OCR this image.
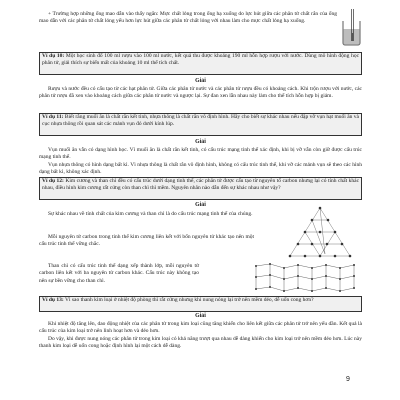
+ Trường hợp những ống mao dẫn vào thấy ngắn: Mực chất lỏng trong ống hạ xuống do lực hút giữa các phân tử chất rắn của ống mao dẫn với các phân tử chất lỏng yếu hơn lực hút giữa các phân tử chất lỏng với nhau làm cho mực chất lỏng hạ xuống.

Ví dụ 10: Một học sinh đổ 100 ml rượu vào 100 ml nước, kết quả thu được khoảng 190 ml hỗn hợp rượu với nước. Dùng mô hình động học phân tử, giải thích sự biến mất của khoảng 10 ml thể tích chất.
Giải

Rượu và nước đều có cấu tạo từ các hạt phân tử. Giữa các phân tử nước và các phân tử rượu đều có khoảng cách. Khi trộn rượu với nước, các phân tử rượu đã xen vào khoảng cách giữa các phân tử nước và ngược lại. Sự đan xen lẫn nhau này làm cho thể tích hỗn hợp bị giảm.

Ví dụ 11: Biết rằng muối ăn là chất rắn kết tinh, nhựa thông là chất rắn vô định hình. Hãy cho biết sự khác nhau nếu đập vỡ vụn hạt muối ăn và cục nhựa thông rồi quan sát các mảnh vụn đó dưới kính lúp.
Giải

Vụn muối ăn vẫn có dạng hình học. Vì muối ăn là chất rắn kết tinh, có cấu trúc mạng tinh thể xác định, khi bị vỡ vẫn còn giữ được cấu trúc mạng tinh thể.

Vụn nhựa thông có hình dạng bất kì. Vì nhựa thông là chất rắn vô định hình, không có cấu trúc tinh thể, khi vỡ các mảnh vụn sẽ theo các hình dạng bất kì, không xác định.

Ví dụ 12: Kim cương và than chì đều có cấu trúc dưới dạng tinh thể, các phân tử được cấu tạo từ nguyên tố carbon nhưng lại có tính chất khác nhau, điều hình kim cương rất cứng còn than chì thì mềm. Nguyên nhân nào dẫn đến sự khác nhau như vậy?
Giải

Sự khác nhau về tính chất của kim cương và than chì là do cấu trúc mạng tinh thể của chúng.

Mỗi nguyên tử carbon trong tinh thể kim cương liên kết với bốn nguyên tử khác tạo nên một cấu trúc tinh thể vững chắc.

Than chì có cấu trúc tinh thể dạng xếp thành lớp, mỗi nguyên tử carbon liên kết với ba nguyên tử carbon khác. Cấu trúc này không tạo nên sự bền vững cho than chì.

Ví dụ 13: Vì sao thanh kim loại ở nhiệt độ phòng thì rắt cứng nhưng khi nung nóng lại trở nên mềm dẻo, dễ uốn cong hơn?
Giải

Khi nhiệt độ tăng lên, dao động nhiệt của các phân tử trong kim loại cũng tăng khiến cho liên kết giữa các phân tử trở nên yếu dần. Kết quả là cấu trúc của kim loại trở nên linh hoạt hơn và dẻo hơn.

Do vậy, khi được nung nóng các phân tử trong kim loại có khả năng trượt qua nhau dễ dàng khiến cho kim loại trở nên mềm dẻo hơn. Lúc này thanh kim loại dễ uốn cong hoặc định hình lại một cách dễ dàng.

9
